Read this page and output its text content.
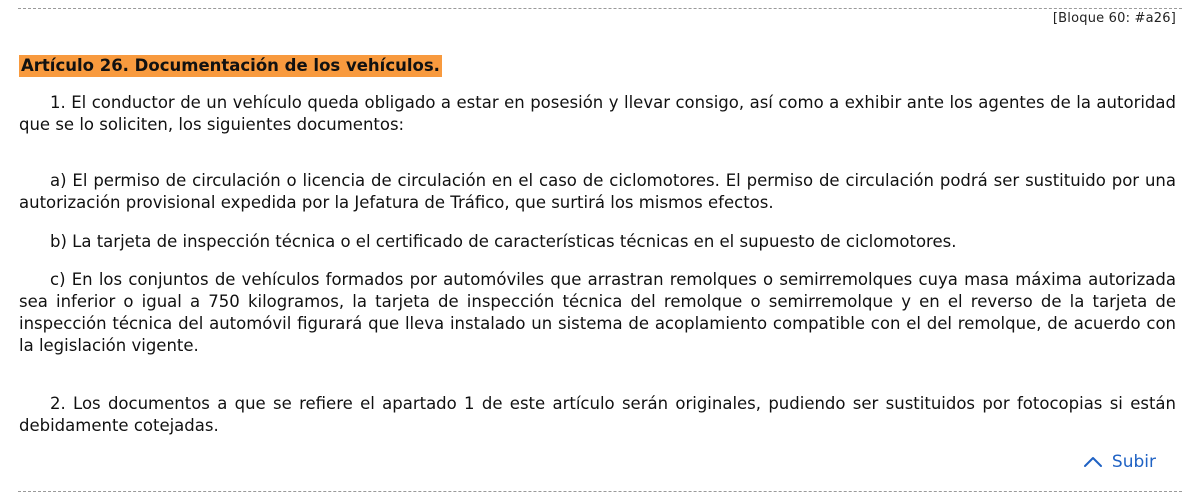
[Bloque 60: #a26]
Artículo 26. Documentación de los vehículos.

1. El conductor de un vehículo queda obligado a estar en posesión y llevar consigo, así como a exhibir ante los agentes de la autoridad que se lo soliciten, los siguientes documentos:

a) El permiso de circulación o licencia de circulación en el caso de ciclomotores. El permiso de circulación podrá ser sustituido por una autorización provisional expedida por la Jefatura de Tráfico, que surtirá los mismos efectos.

b) La tarjeta de inspección técnica o el certificado de características técnicas en el supuesto de ciclomotores.

c) En los conjuntos de vehículos formados por automóviles que arrastran remolques o semirremolques cuya masa máxima autorizada sea inferior o igual a 750 kilogramos, la tarjeta de inspección técnica del remolque o semirremolque y en el reverso de la tarjeta de inspección técnica del automóvil figurará que lleva instalado un sistema de acoplamiento compatible con el del remolque, de acuerdo con la legislación vigente.

2. Los documentos a que se refiere el apartado 1 de este artículo serán originales, pudiendo ser sustituidos por fotocopias si están debidamente cotejadas.

Subir
